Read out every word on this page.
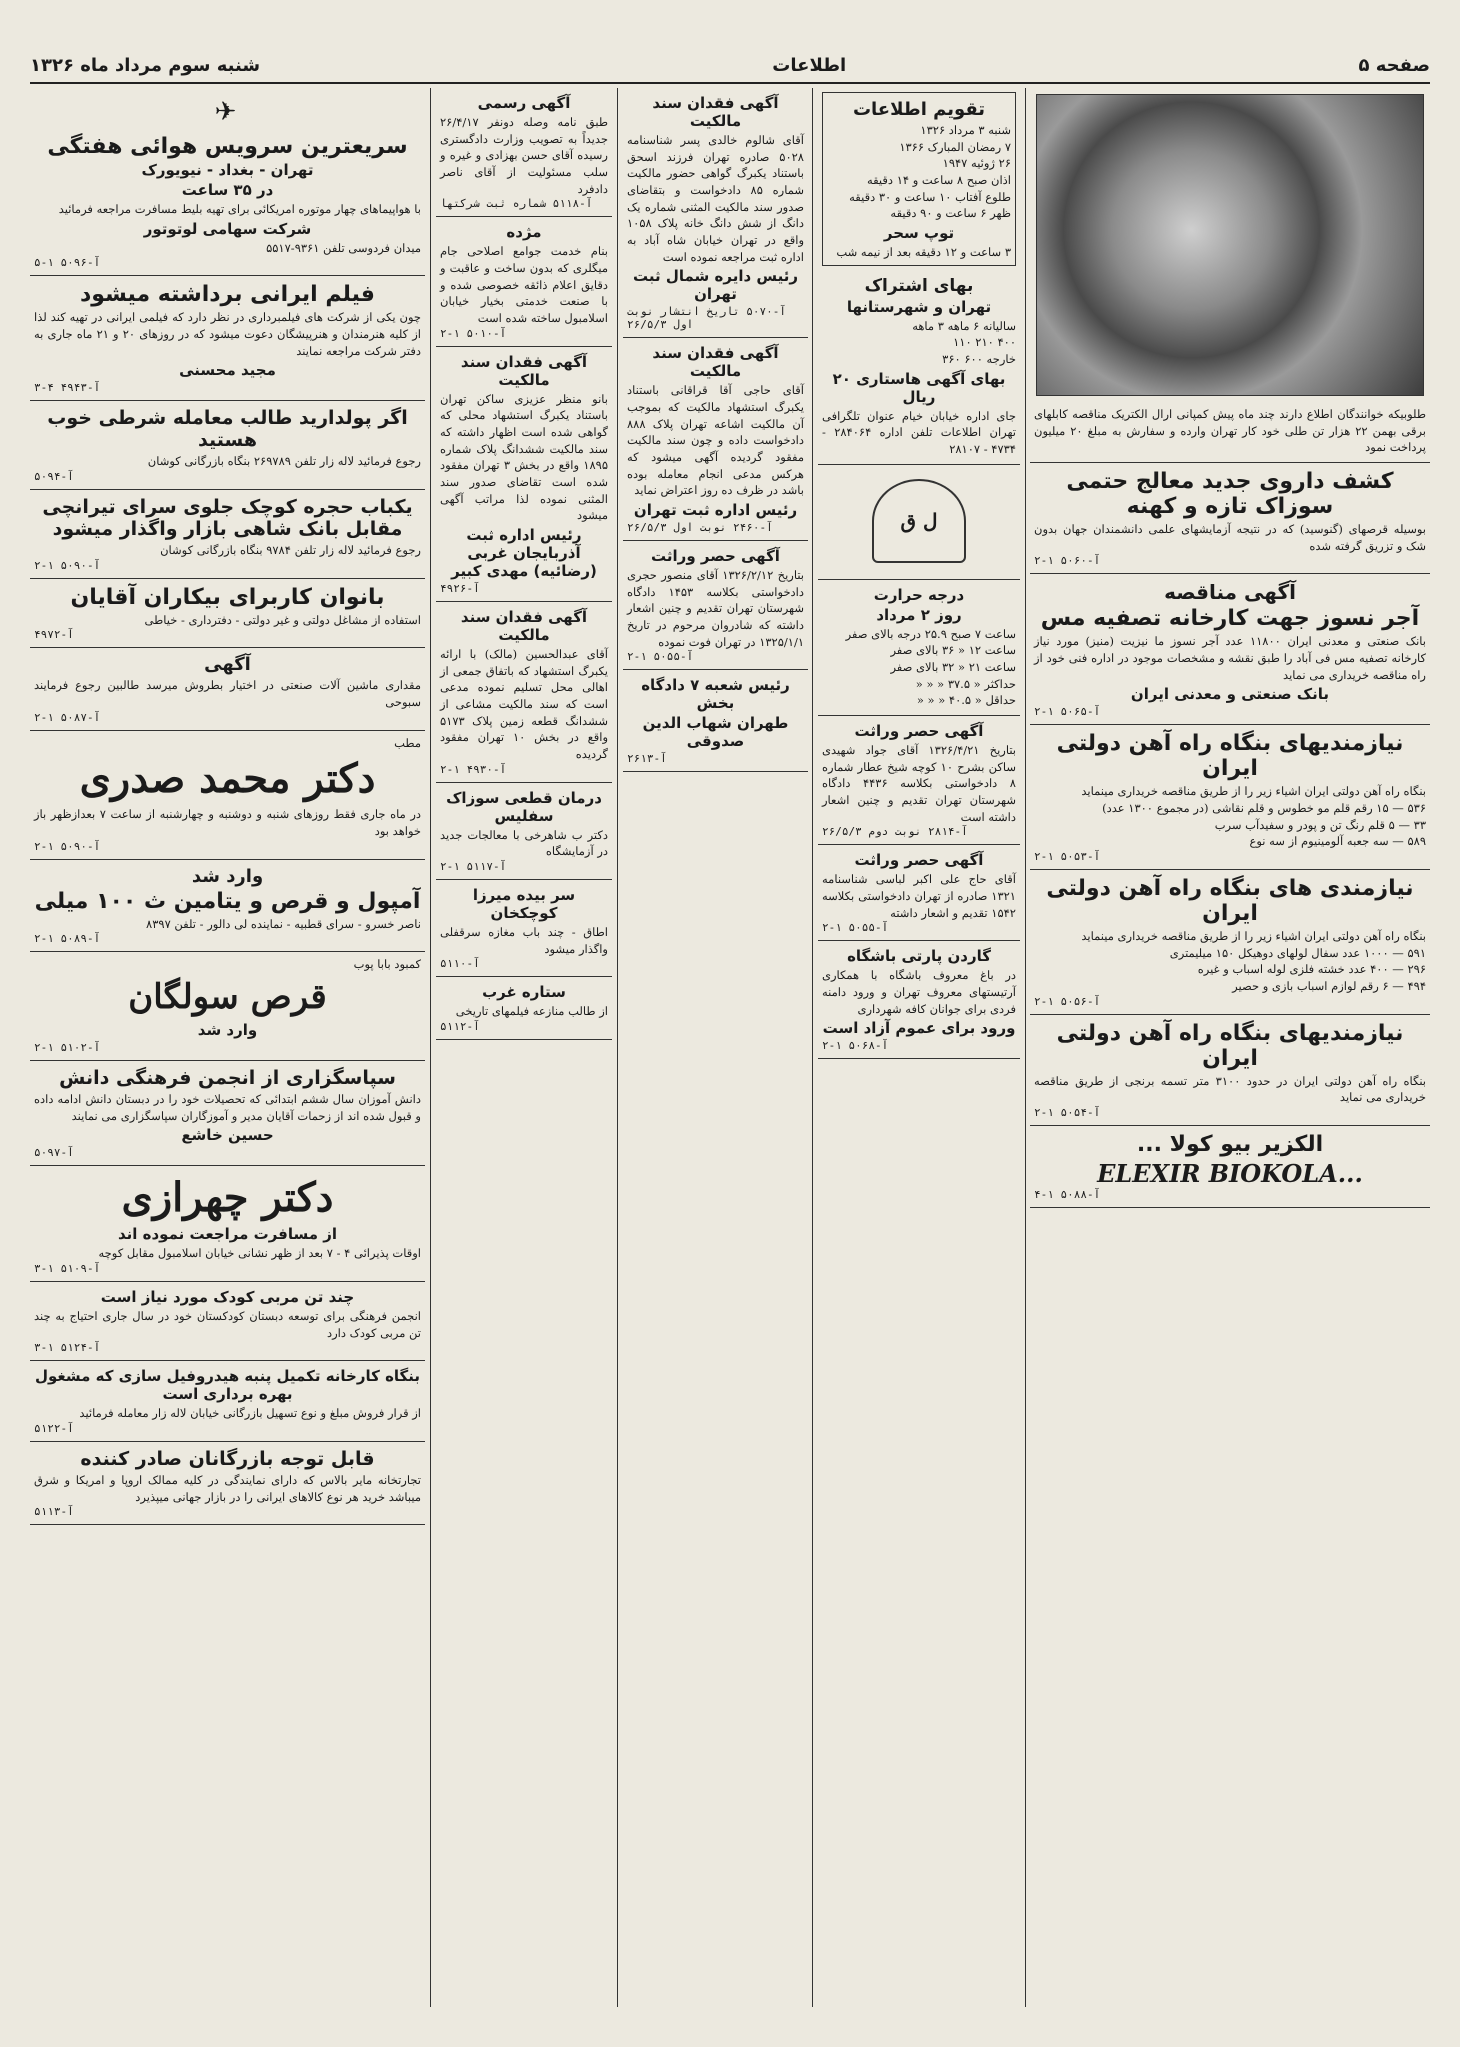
صفحه ۵
اطلاعات
شنبه سوم مرداد ماه ۱۳۲۶
طلوبیکه خوانندگان اطلاع دارند چند ماه پیش کمپانی ارال الکتریک مناقصه کابلهای برقی بهمن ۲۲ هزار تن طلی خود کار تهران وارده و سفارش به مبلغ ۲۰ میلیون پرداخت نمود
کشف داروی جدید معالج حتمی سوزاک تازه و کهنه
بوسیله قرصهای (گنوسید) که در نتیجه آزمایشهای علمی دانشمندان جهان بدون شک و تزریق گرفته شده
آ-۵۰۶۰ ۱-۲
آگهی مناقصه
آجر نسوز جهت کارخانه تصفیه مس
بانک صنعتی و معدنی ایران ۱۱۸۰۰ عدد آجر نسوز ما نیزیت (منیز) مورد نیاز کارخانه تصفیه مس فی آباد را طبق نقشه و مشخصات موجود در اداره فنی خود از راه مناقصه خریداری می نماید
بانک صنعتی و معدنی ایران
آ-۵۰۶۵ ۱-۲
نیازمندیهای بنگاه راه آهن دولتی ایران
بنگاه راه آهن دولتی ایران اشیاء زیر را از طریق مناقصه خریداری مینماید
۵۳۶ — ۱۵ رقم قلم مو خطوس و قلم نقاشی (در مجموع ۱۳۰۰ عدد)
۳۳ — ۵ قلم رنگ تن و پودر و سفیدآب سرب
۵۸۹ — سه جعبه آلومینیوم از سه نوع
آ-۵۰۵۳ ۱-۲
نیازمندی های بنگاه راه آهن دولتی ایران
بنگاه راه آهن دولتی ایران اشیاء زیر را از طریق مناقصه خریداری مینماید
۵۹۱ — ۱۰۰۰ عدد سفال لولهای دوهیکل ۱۵۰ میلیمتری
۲۹۶ — ۴۰۰ عدد خشته فلزی لوله اسباب و غیره
۴۹۴ — ۶ رقم لوازم اسباب بازی و حصیر
آ-۵۰۵۶ ۱-۲
نیازمندیهای بنگاه راه آهن دولتی ایران
بنگاه راه آهن دولتی ایران در حدود ۳۱۰۰ متر تسمه برنجی از طریق مناقصه خریداری می نماید
آ-۵۰۵۴ ۱-۲
الکزیر بیو کولا ...
ELEXIR BIOKOLA...
آ-۵۰۸۸ ۱-۴
تقویم اطلاعات
شنبه ۳ مرداد ۱۳۲۶
۷ رمضان المبارک ۱۳۶۶
۲۶ ژوئیه ۱۹۴۷
اذان صبح ۸ ساعت و ۱۴ دقیقه
طلوع آفتاب ۱۰ ساعت و ۳۰ دقیقه
ظهر ۶ ساعت و ۹۰ دقیقه
توپ سحر
۳ ساعت و ۱۲ دقیقه بعد از نیمه شب
بهای اشتراک
تهران و شهرستانها
سالیانه ۶ ماهه ۳ ماهه
۴۰۰ ۲۱۰ ۱۱۰
خارجه ۶۰۰ ۳۶۰
بهای آگهی هاستاری ۲۰ ریال
جای اداره خیابان خیام عنوان تلگرافی تهران اطلاعات تلفن اداره ۲۸۴۰۶۴ - ۴۷۳۴ - ۲۸۱۰۷
ل ق
درجه حرارت
روز ۲ مرداد
ساعت ۷ صبح ۲۵.۹ درجه بالای صفر
ساعت ۱۲ « ۳۶ بالای صفر
ساعت ۲۱ « ۳۲ بالای صفر
حداکثر « ۳۷.۵ « « «
حداقل « ۴۰.۵ « « «
آگهی حصر وراثت
بتاریخ ۱۳۲۶/۴/۲۱ آقای جواد شهیدی ساکن بشرح ۱۰ کوچه شیخ عطار شماره ۸ دادخواستی بکلاسه ۴۴۳۶ دادگاه شهرستان تهران تقدیم و چنین اشعار داشته است
آ-۲۸۱۴ نوبت دوم ۲۶/۵/۳
آگهی حصر وراثت
آقای حاج علی اکبر لباسی شناسنامه ۱۳۲۱ صادره از تهران دادخواستی بکلاسه ۱۵۴۲ تقدیم و اشعار داشته
آ-۵۰۵۵ ۱-۲
گاردن پارتی باشگاه
در باغ معروف باشگاه با همکاری آرتیستهای معروف تهران و ورود دامنه فردی برای جوانان کافه شهرداری
ورود برای عموم آزاد است
آ-۵۰۶۸ ۱-۲
آگهی فقدان سند مالکیت
آقای شالوم خالدی پسر شناسنامه ۵۰۲۸ صادره تهران فرزند اسحق باستناد یکبرگ گواهی حضور مالکیت شماره ۸۵ دادخواست و بتقاضای صدور سند مالکیت المثنی شماره یک دانگ از شش دانگ خانه پلاک ۱۰۵۸ واقع در تهران خیابان شاه آباد به اداره ثبت مراجعه نموده است
رئیس دایره شمال ثبت تهران
آ-۵۰۷۰ تاریخ انتشار نوبت اول ۲۶/۵/۳
آگهی فقدان سند مالکیت
آقای حاجی آقا قراقانی باستناد یکبرگ استشهاد مالکیت که بموجب آن مالکیت اشاعه تهران پلاک ۸۸۸ دادخواست داده و چون سند مالکیت مفقود گردیده آگهی میشود که هرکس مدعی انجام معامله بوده باشد در ظرف ده روز اعتراض نماید
رئیس اداره ثبت تهران
آ-۲۴۶۰ نوبت اول ۲۶/۵/۳
آگهی حصر وراثت
بتاریخ ۱۳۲۶/۲/۱۲ آقای منصور حجری دادخواستی بکلاسه ۱۴۵۳ دادگاه شهرستان تهران تقدیم و چنین اشعار داشته که شادروان مرحوم در تاریخ ۱۳۲۵/۱/۱ در تهران فوت نموده
آ-۵۰۵۵ ۱-۲
رئیس شعبه ۷ دادگاه بخش
طهران شهاب الدین صدوقی
آ-۲۶۱۳
آگهی رسمی
طبق نامه وصله دونفر ۲۶/۴/۱۷ جدیداً به تصویب وزارت دادگستری رسیده آقای حسن بهزادی و غیره و سلب مسئولیت از آقای ناصر دادفرد
آ-۵۱۱۸ شماره ثبت شرکتها
مژده
بنام خدمت جوامع اصلاحی جام میگلری که بدون ساخت و عاقبت و دقایق اعلام ذائقه خصوصی شده و با صنعت خدمتی بخیار خیابان اسلامبول ساخته شده است
آ-۵۰۱۰ ۱-۲
آگهی فقدان سند مالکیت
بانو منظر عزیزی ساکن تهران باستناد یکبرگ استشهاد محلی که گواهی شده است اظهار داشته که سند مالکیت ششدانگ پلاک شماره ۱۸۹۵ واقع در بخش ۳ تهران مفقود شده است تقاضای صدور سند المثنی نموده لذا مراتب آگهی میشود
رئیس اداره ثبت آذربایجان غربی (رضائیه) مهدی کبیر
آ-۴۹۲۶
آگهی فقدان سند مالکیت
آقای عبدالحسین (مالک) با ارائه یکبرگ استشهاد که باتفاق جمعی از اهالی محل تسلیم نموده مدعی است که سند مالکیت مشاعی از ششدانگ قطعه زمین پلاک ۵۱۷۳ واقع در بخش ۱۰ تهران مفقود گردیده
آ-۴۹۳۰ ۱-۲
درمان قطعی سوزاک سفلیس
دکتر ب شاهرخی با معالجات جدید در آزمایشگاه
آ-۵۱۱۷ ۱-۲
سر بیده میرزا کوچکخان
اطاق - چند باب مغازه سرقفلی واگذار میشود
آ-۵۱۱۰
ستاره غرب
از طالب منازعه فیلمهای تاریخی
آ-۵۱۱۲
✈
سریعترین سرویس هوائی هفتگی
تهران - بغداد - نیویورک
در ۳۵ ساعت
با هواپیماهای چهار موتوره امریکائی برای تهیه بلیط مسافرت مراجعه فرمائید
شرکت سهامی لوتوتور
میدان فردوسی تلفن ۹۳۶۱-۵۵۱۷
آ-۵۰۹۶ ۱-۵
فیلم ایرانی برداشته میشود
چون یکی از شرکت های فیلمبرداری در نظر دارد که فیلمی ایرانی در تهیه کند لذا از کلیه هنرمندان و هنرپیشگان دعوت میشود که در روزهای ۲۰ و ۲۱ ماه جاری به دفتر شرکت مراجعه نمایند
مجید محسنی
آ-۴۹۴۳ ۴-۳
اگر پولدارید طالب معامله شرطی خوب هستید
رجوع فرمائید لاله زار تلفن ۲۶۹۷۸۹ بنگاه بازرگانی کوشان
آ-۵۰۹۴
یکباب حجره کوچک جلوی سرای تیرانچی مقابل بانک شاهی بازار واگذار میشود
رجوع فرمائید لاله زار تلفن ۹۷۸۴ بنگاه بازرگانی کوشان
آ-۵۰۹۰ ۱-۲
بانوان کاربرای بیکاران آقایان
استفاده از مشاغل دولتی و غیر دولتی - دفترداری - خیاطی
آ-۴۹۷۲
آگهی
مقداری ماشین آلات صنعتی در اختیار بطروش میرسد طالبین رجوع فرمایند سبوحی
آ-۵۰۸۷ ۱-۲
مطب
دکتر محمد صدری
در ماه جاری فقط روزهای شنبه و دوشنبه و چهارشنبه از ساعت ۷ بعدازظهر باز خواهد بود
آ-۵۰۹۰ ۱-۲
وارد شد
آمپول و قرص و یتامین ث ۱۰۰ میلی
ناصر خسرو - سرای قطبیه - نماینده لی دالور - تلفن ۸۳۹۷
آ-۵۰۸۹ ۱-۲
کمبود بابا پوب
قرص سولگان
وارد شد
آ-۵۱۰۲ ۱-۲
سپاسگزاری از انجمن فرهنگی دانش
دانش آموزان سال ششم ابتدائی که تحصیلات خود را در دبستان دانش ادامه داده و قبول شده اند از زحمات آقایان مدیر و آموزگاران سپاسگزاری می نمایند
حسین خاشع
آ-۵۰۹۷
دکتر چهرازی
از مسافرت مراجعت نموده اند
اوقات پذیرائی ۴ - ۷ بعد از ظهر نشانی خیابان اسلامبول مقابل کوچه
آ-۵۱۰۹ ۱-۳
چند تن مربی کودک مورد نیاز است
انجمن فرهنگی برای توسعه دبستان کودکستان خود در سال جاری احتیاج به چند تن مربی کودک دارد
آ-۵۱۲۴ ۱-۳
بنگاه کارخانه تکمیل پنبه هیدروفیل سازی که مشغول بهره برداری است
از قرار فروش مبلغ و نوع تسهیل بازرگانی خیابان لاله زار معامله فرمائید
آ-۵۱۲۲
قابل توجه بازرگانان صادر کننده
تجارتخانه مایر بالاس که دارای نمایندگی در کلیه ممالک اروپا و امریکا و شرق میباشد خرید هر نوع کالاهای ایرانی را در بازار جهانی میپذیرد
آ-۵۱۱۳
